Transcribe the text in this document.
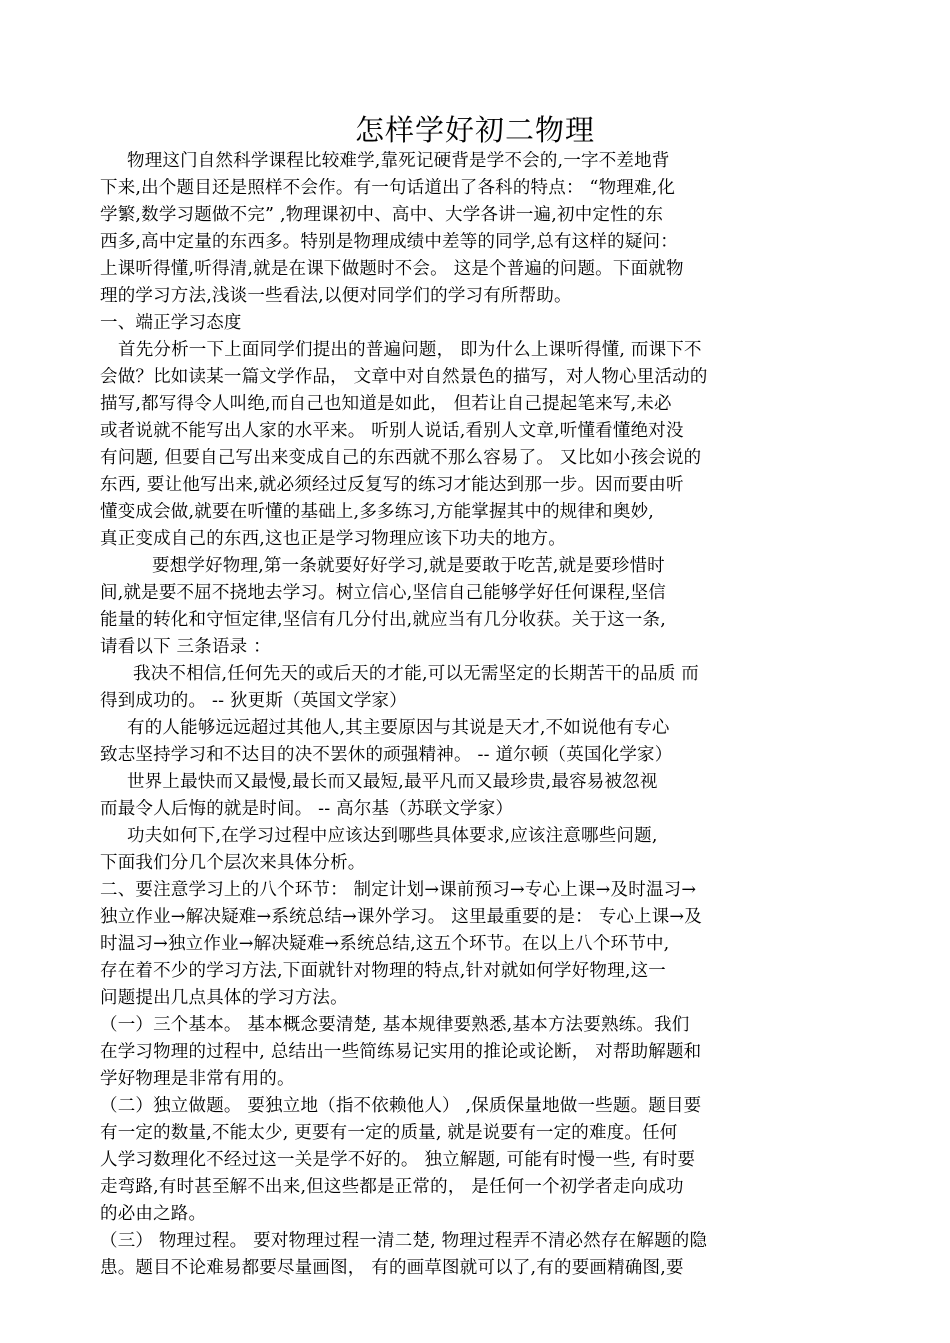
怎样学好初二物理
物理这门自然科学课程比较难学,靠死记硬背是学不会的,一字不差地背
下来,出个题目还是照样不会作。有一句话道出了各科的特点： “物理难,化
学繁,数学习题做不完” ,物理课初中、高中、大学各讲一遍,初中定性的东
西多,高中定量的东西多。特别是物理成绩中差等的同学,总有这样的疑问：
上课听得懂,听得清,就是在课下做题时不会。 这是个普遍的问题。下面就物
理的学习方法,浅谈一些看法,以便对同学们的学习有所帮助。
一、端正学习态度
首先分析一下上面同学们提出的普遍问题， 即为什么上课听得懂, 而课下不
会做？比如读某一篇文学作品， 文章中对自然景色的描写，对人物心里活动的
描写,都写得令人叫绝,而自己也知道是如此， 但若让自己提起笔来写,未必
或者说就不能写出人家的水平来。 听别人说话,看别人文章,听懂看懂绝对没
有问题, 但要自己写出来变成自己的东西就不那么容易了。 又比如小孩会说的
东西, 要让他写出来,就必须经过反复写的练习才能达到那一步。因而要由听
懂变成会做,就要在听懂的基础上,多多练习,方能掌握其中的规律和奥妙,
真正变成自己的东西,这也正是学习物理应该下功夫的地方。
要想学好物理,第一条就要好好学习,就是要敢于吃苦,就是要珍惜时
间,就是要不屈不挠地去学习。树立信心,坚信自己能够学好任何课程,坚信
能量的转化和守恒定律,坚信有几分付出,就应当有几分收获。关于这一条,
请看以下 三条语录 ：
我决不相信,任何先天的或后天的才能,可以无需坚定的长期苦干的品质 而
得到成功的。 -- 狄更斯（英国文学家）
有的人能够远远超过其他人,其主要原因与其说是天才,不如说他有专心
致志坚持学习和不达目的决不罢休的顽强精神。 -- 道尔顿（英国化学家）
世界上最快而又最慢,最长而又最短,最平凡而又最珍贵,最容易被忽视
而最令人后悔的就是时间。 -- 高尔基（苏联文学家）
功夫如何下,在学习过程中应该达到哪些具体要求,应该注意哪些问题,
下面我们分几个层次来具体分析。
二、要注意学习上的八个环节： 制定计划→课前预习→专心上课→及时温习→
独立作业→解决疑难→系统总结→课外学习。 这里最重要的是： 专心上课→及
时温习→独立作业→解决疑难→系统总结,这五个环节。在以上八个环节中,
存在着不少的学习方法,下面就针对物理的特点,针对就如何学好物理,这一
问题提出几点具体的学习方法。
（一）三个基本。 基本概念要清楚, 基本规律要熟悉,基本方法要熟练。我们
在学习物理的过程中, 总结出一些简练易记实用的推论或论断， 对帮助解题和
学好物理是非常有用的。
（二）独立做题。 要独立地（指不依赖他人） ,保质保量地做一些题。题目要
有一定的数量,不能太少, 更要有一定的质量, 就是说要有一定的难度。任何
人学习数理化不经过这一关是学不好的。 独立解题, 可能有时慢一些, 有时要
走弯路,有时甚至解不出来,但这些都是正常的， 是任何一个初学者走向成功
的必由之路。
（三） 物理过程。 要对物理过程一清二楚, 物理过程弄不清必然存在解题的隐
患。题目不论难易都要尽量画图， 有的画草图就可以了,有的要画精确图,要
